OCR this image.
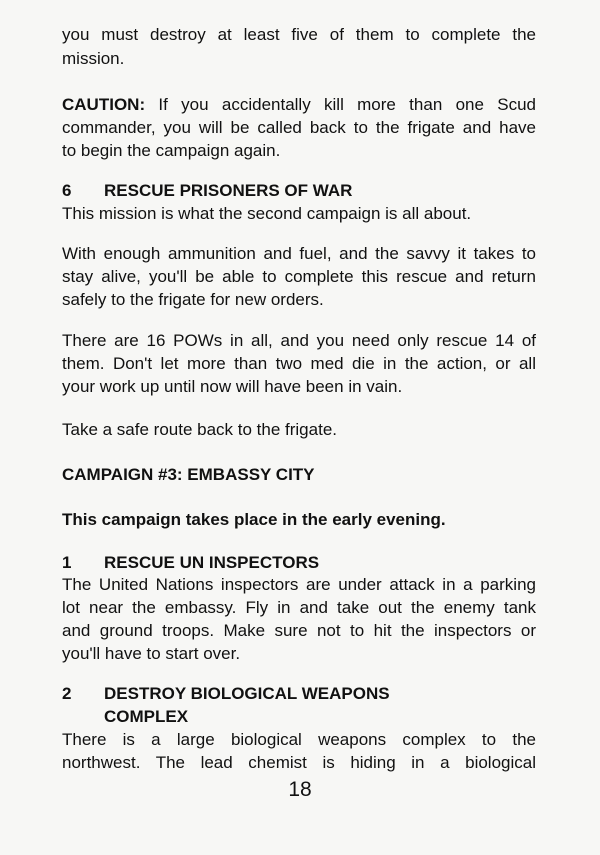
you must destroy at least five of them to complete the
mission.
CAUTION: If you accidentally kill more than one Scud
commander, you will be called back to the frigate and have
to begin the campaign again.
6 RESCUE PRISONERS OF WAR
This mission is what the second campaign is all about.
With enough ammunition and fuel, and the savvy it takes to
stay alive, you'll be able to complete this rescue and return
safely to the frigate for new orders.
There are 16 POWs in all, and you need only rescue 14 of
them. Don't let more than two med die in the action, or all
your work up until now will have been in vain.
Take a safe route back to the frigate.
CAMPAIGN #3: EMBASSY CITY
This campaign takes place in the early evening.
1 RESCUE UN INSPECTORS
The United Nations inspectors are under attack in a parking
lot near the embassy. Fly in and take out the enemy tank
and ground troops. Make sure not to hit the inspectors or
you'll have to start over.
2 DESTROY BIOLOGICAL WEAPONS
COMPLEX
There is a large biological weapons complex to the
northwest. The lead chemist is hiding in a biological
18
